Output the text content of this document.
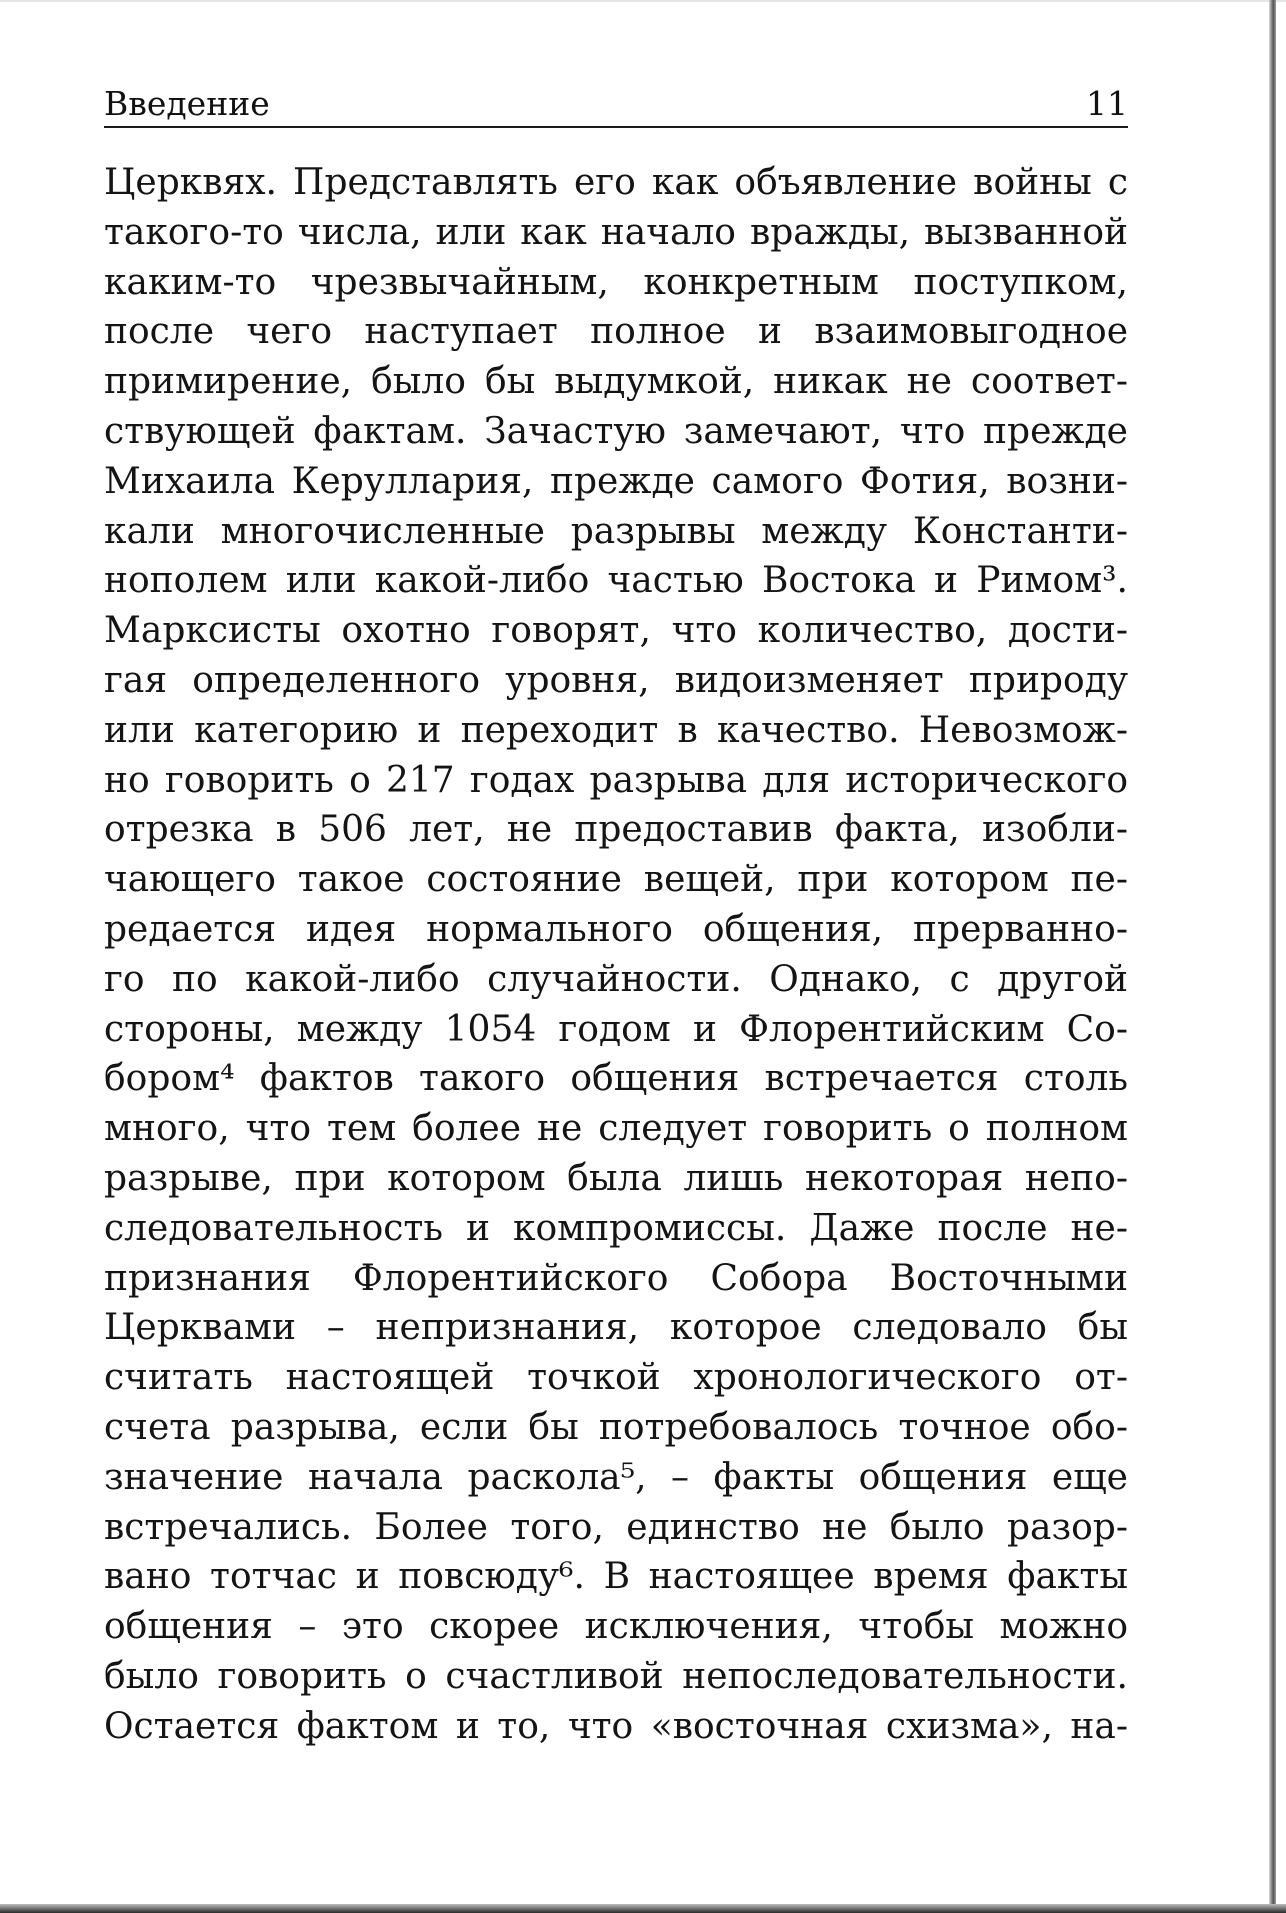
Введение	11
Церквях. Представлять его как объявление войны с
такого-то числа, или как начало вражды, вызванной
каким-то чрезвычайным, конкретным поступком,
после чего наступает полное и взаимовыгодное
примирение, было бы выдумкой, никак не соответ-
ствующей фактам. Зачастую замечают, что прежде
Михаила Керуллария, прежде самого Фотия, возни-
кали многочисленные разрывы между Константи-
нополем или какой-либо частью Востока и Римом³.
Марксисты охотно говорят, что количество, дости-
гая определенного уровня, видоизменяет природу
или категорию и переходит в качество. Невозмож-
но говорить о 217 годах разрыва для исторического
отрезка в 506 лет, не предоставив факта, изобли-
чающего такое состояние вещей, при котором пе-
редается идея нормального общения, прерванно-
го по какой-либо случайности. Однако, с другой
стороны, между 1054 годом и Флорентийским Со-
бором⁴ фактов такого общения встречается столь
много, что тем более не следует говорить о полном
разрыве, при котором была лишь некоторая непо-
следовательность и компромиссы. Даже после не-
признания Флорентийского Собора Восточными
Церквами – непризнания, которое следовало бы
считать настоящей точкой хронологического от-
счета разрыва, если бы потребовалось точное обо-
значение начала раскола⁵, – факты общения еще
встречались. Более того, единство не было разор-
вано тотчас и повсюду⁶. В настоящее время факты
общения – это скорее исключения, чтобы можно
было говорить о счастливой непоследовательности.
Остается фактом и то, что «восточная схизма», на-
